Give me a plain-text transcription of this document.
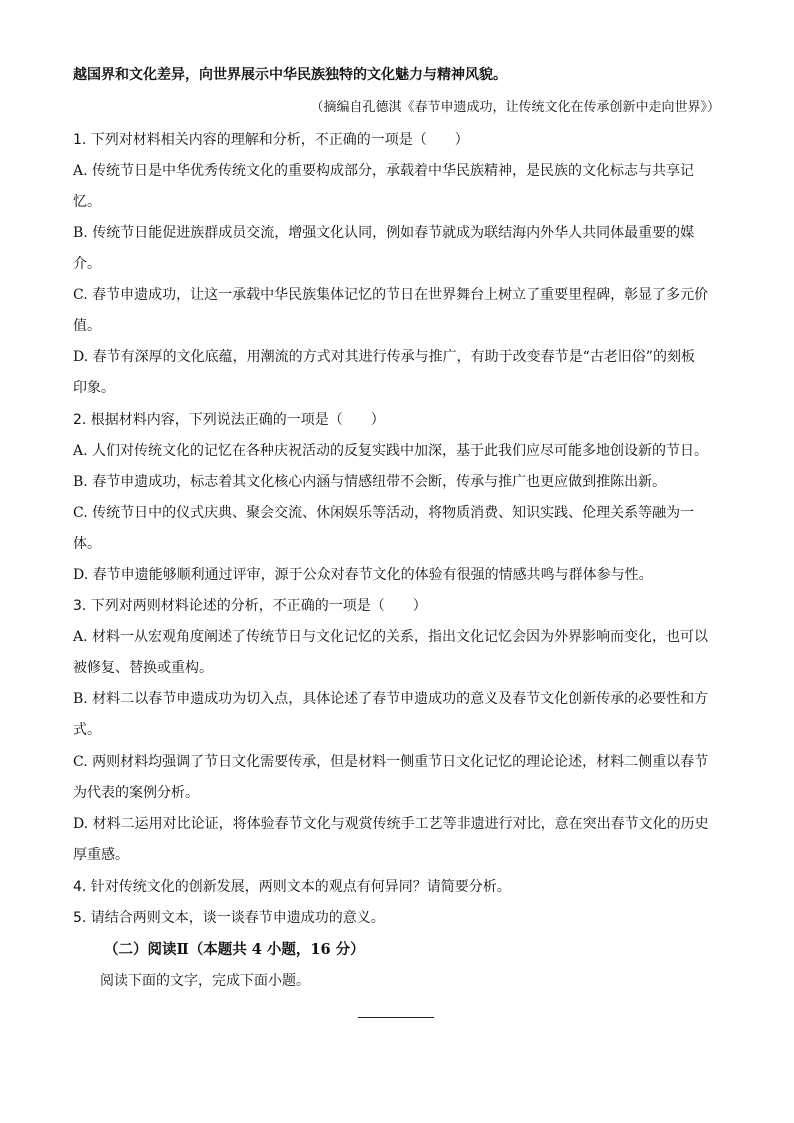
越国界和文化差异，向世界展示中华民族独特的文化魅力与精神风貌。
（摘编自孔德淇《春节申遗成功，让传统文化在传承创新中走向世界》）
1. 下列对材料相关内容的理解和分析，不正确的一项是（　　）
A. 传统节日是中华优秀传统文化的重要构成部分，承载着中华民族精神，是民族的文化标志与共享记
忆。
B. 传统节日能促进族群成员交流，增强文化认同，例如春节就成为联结海内外华人共同体最重要的媒
介。
C. 春节申遗成功，让这一承载中华民族集体记忆的节日在世界舞台上树立了重要里程碑，彰显了多元价
值。
D. 春节有深厚的文化底蕴，用潮流的方式对其进行传承与推广，有助于改变春节是“古老旧俗”的刻板
印象。
2. 根据材料内容，下列说法正确的一项是（　　）
A. 人们对传统文化的记忆在各种庆祝活动的反复实践中加深，基于此我们应尽可能多地创设新的节日。
B. 春节申遗成功，标志着其文化核心内涵与情感纽带不会断，传承与推广也更应做到推陈出新。
C. 传统节日中的仪式庆典、聚会交流、休闲娱乐等活动，将物质消费、知识实践、伦理关系等融为一
体。
D. 春节申遗能够顺利通过评审，源于公众对春节文化的体验有很强的情感共鸣与群体参与性。
3. 下列对两则材料论述的分析，不正确的一项是（　　）
A. 材料一从宏观角度阐述了传统节日与文化记忆的关系，指出文化记忆会因为外界影响而变化，也可以
被修复、替换或重构。
B. 材料二以春节申遗成功为切入点，具体论述了春节申遗成功的意义及春节文化创新传承的必要性和方
式。
C. 两则材料均强调了节日文化需要传承，但是材料一侧重节日文化记忆的理论论述，材料二侧重以春节
为代表的案例分析。
D. 材料二运用对比论证，将体验春节文化与观赏传统手工艺等非遗进行对比，意在突出春节文化的历史
厚重感。
4. 针对传统文化的创新发展，两则文本的观点有何异同？请简要分析。
5. 请结合两则文本，谈一谈春节申遗成功的意义。
（二）阅读Ⅱ（本题共 4 小题，16 分）
阅读下面的文字，完成下面小题。
